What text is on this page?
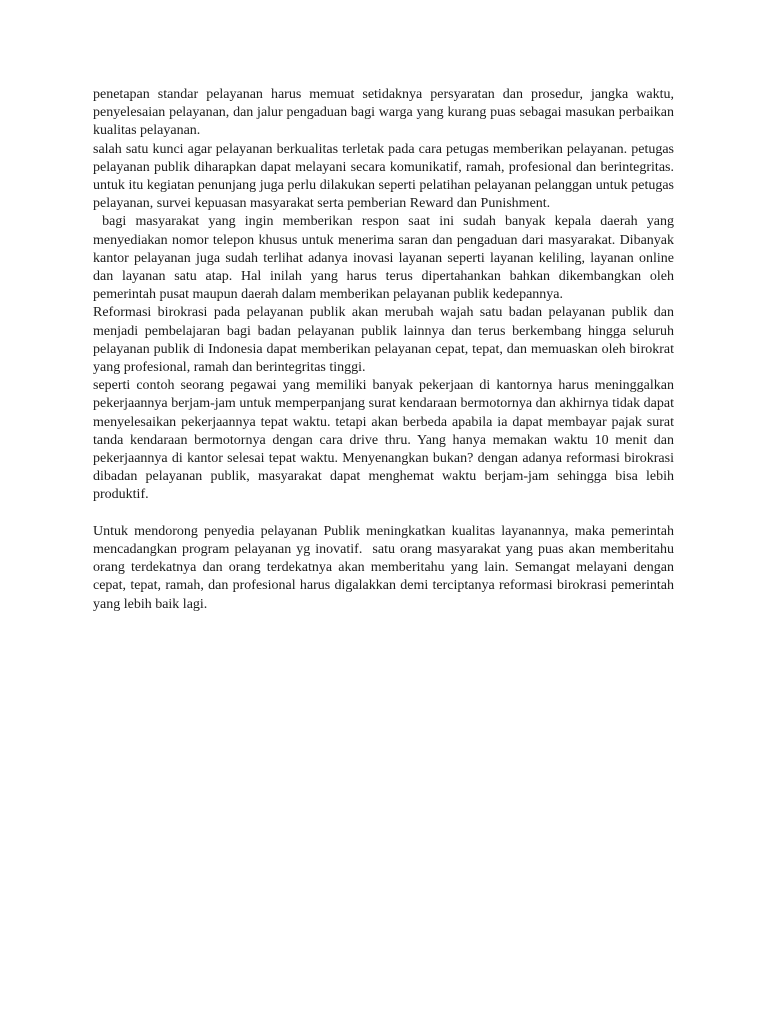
penetapan standar pelayanan harus memuat setidaknya persyaratan dan prosedur, jangka waktu, penyelesaian pelayanan, dan jalur pengaduan bagi warga yang kurang puas sebagai masukan perbaikan kualitas pelayanan.

salah satu kunci agar pelayanan berkualitas terletak pada cara petugas memberikan pelayanan. petugas pelayanan publik diharapkan dapat melayani secara komunikatif, ramah, profesional dan berintegritas. untuk itu kegiatan penunjang juga perlu dilakukan seperti pelatihan pelayanan pelanggan untuk petugas pelayanan, survei kepuasan masyarakat serta pemberian Reward dan Punishment.

bagi masyarakat yang ingin memberikan respon saat ini sudah banyak kepala daerah yang menyediakan nomor telepon khusus untuk menerima saran dan pengaduan dari masyarakat. Dibanyak kantor pelayanan juga sudah terlihat adanya inovasi layanan seperti layanan keliling, layanan online dan layanan satu atap. Hal inilah yang harus terus dipertahankan bahkan dikembangkan oleh pemerintah pusat maupun daerah dalam memberikan pelayanan publik kedepannya.

Reformasi birokrasi pada pelayanan publik akan merubah wajah satu badan pelayanan publik dan menjadi pembelajaran bagi badan pelayanan publik lainnya dan terus berkembang hingga seluruh pelayanan publik di Indonesia dapat memberikan pelayanan cepat, tepat, dan memuaskan oleh birokrat yang profesional, ramah dan berintegritas tinggi.

seperti contoh seorang pegawai yang memiliki banyak pekerjaan di kantornya harus meninggalkan pekerjaannya berjam-jam untuk memperpanjang surat kendaraan bermotornya dan akhirnya tidak dapat menyelesaikan pekerjaannya tepat waktu. tetapi akan berbeda apabila ia dapat membayar pajak surat tanda kendaraan bermotornya dengan cara drive thru. Yang hanya memakan waktu 10 menit dan pekerjaannya di kantor selesai tepat waktu. Menyenangkan bukan? dengan adanya reformasi birokrasi dibadan pelayanan publik, masyarakat dapat menghemat waktu berjam-jam sehingga bisa lebih produktif.

Untuk mendorong penyedia pelayanan Publik meningkatkan kualitas layanannya, maka pemerintah mencadangkan program pelayanan yg inovatif.  satu orang masyarakat yang puas akan memberitahu orang terdekatnya dan orang terdekatnya akan memberitahu yang lain. Semangat melayani dengan cepat, tepat, ramah, dan profesional harus digalakkan demi terciptanya reformasi birokrasi pemerintah yang lebih baik lagi.
